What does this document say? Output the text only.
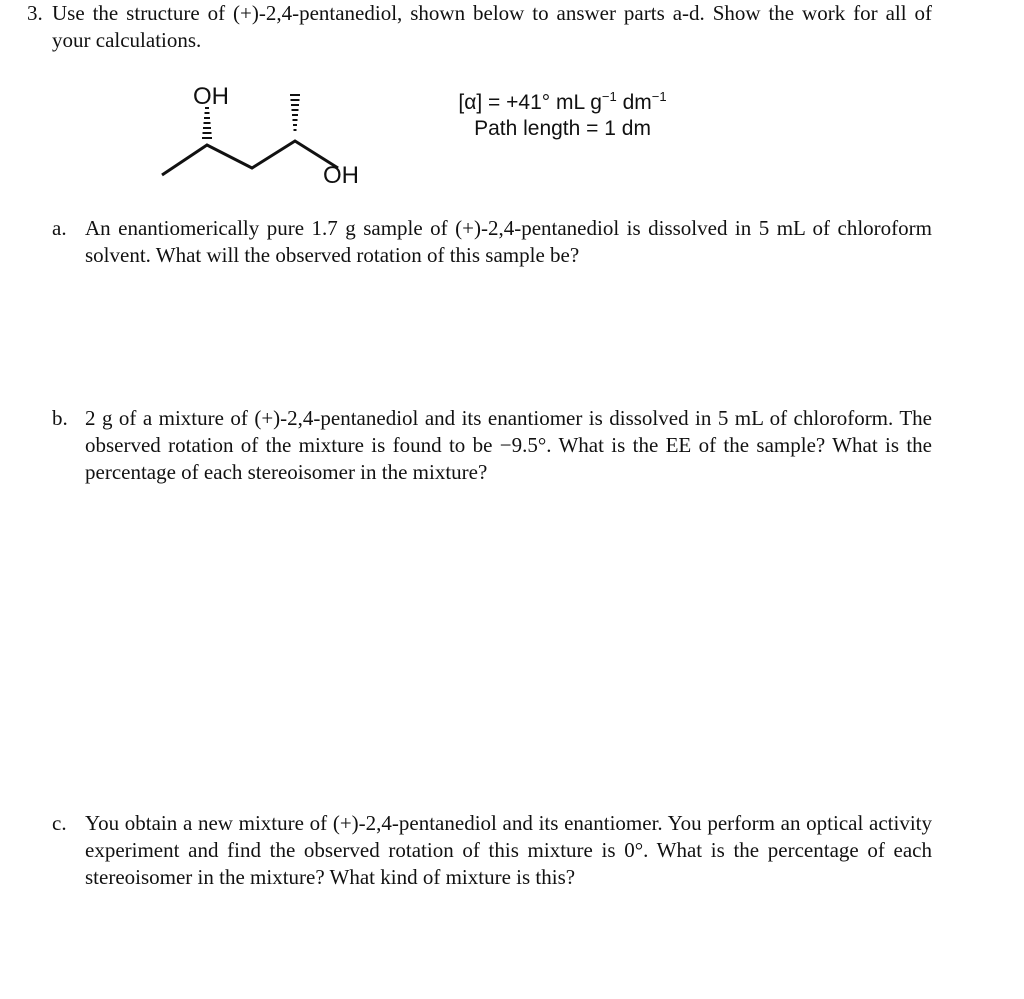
3. Use the structure of (+)-2,4-pentanediol, shown below to answer parts a-d. Show the work for all of your calculations.
OH
OH
[α] = +41° mL $g^{-1}$ $dm^{-1}$
Path length = 1 dm
a. An enantiomerically pure 1.7 g sample of (+)-2,4-pentanediol is dissolved in 5 mL of chloroform solvent. What will the observed rotation of this sample be?
b. 2 g of a mixture of (+)-2,4-pentanediol and its enantiomer is dissolved in 5 mL of chloroform. The observed rotation of the mixture is found to be −9.5°. What is the EE of the sample? What is the percentage of each stereoisomer in the mixture?
c. You obtain a new mixture of (+)-2,4-pentanediol and its enantiomer. You perform an optical activity experiment and find the observed rotation of this mixture is 0°. What is the percentage of each stereoisomer in the mixture? What kind of mixture is this?
